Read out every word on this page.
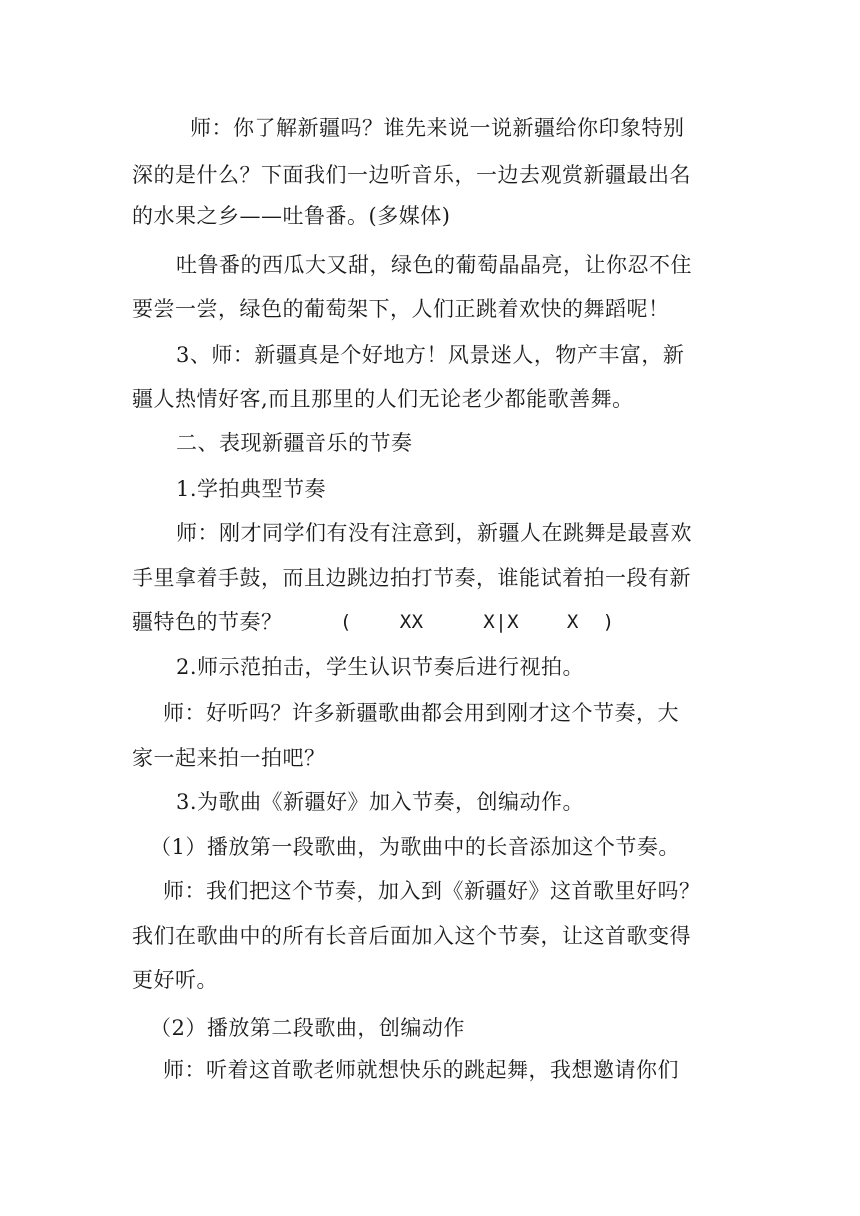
师：你了解新疆吗？谁先来说一说新疆给你印象特别
深的是什么？下面我们一边听音乐，一边去观赏新疆最出名
的水果之乡——吐鲁番。(多媒体)
吐鲁番的西瓜大又甜，绿色的葡萄晶晶亮，让你忍不住
要尝一尝，绿色的葡萄架下，人们正跳着欢快的舞蹈呢！
3、师：新疆真是个好地方！风景迷人，物产丰富，新
疆人热情好客,而且那里的人们无论老少都能歌善舞。
二、表现新疆音乐的节奏
1.学拍典型节奏
师：刚才同学们有没有注意到，新疆人在跳舞是最喜欢
手里拿着手鼓，而且边跳边拍打节奏，谁能试着拍一段有新
疆特色的节奏？	(    XX     X|X    X  )
2.师示范拍击，学生认识节奏后进行视拍。
师：好听吗？许多新疆歌曲都会用到刚才这个节奏，大
家一起来拍一拍吧？
3.为歌曲《新疆好》加入节奏，创编动作。
（1）播放第一段歌曲，为歌曲中的长音添加这个节奏。
师：我们把这个节奏，加入到《新疆好》这首歌里好吗？
我们在歌曲中的所有长音后面加入这个节奏，让这首歌变得
更好听。
（2）播放第二段歌曲，创编动作
师：听着这首歌老师就想快乐的跳起舞，我想邀请你们
